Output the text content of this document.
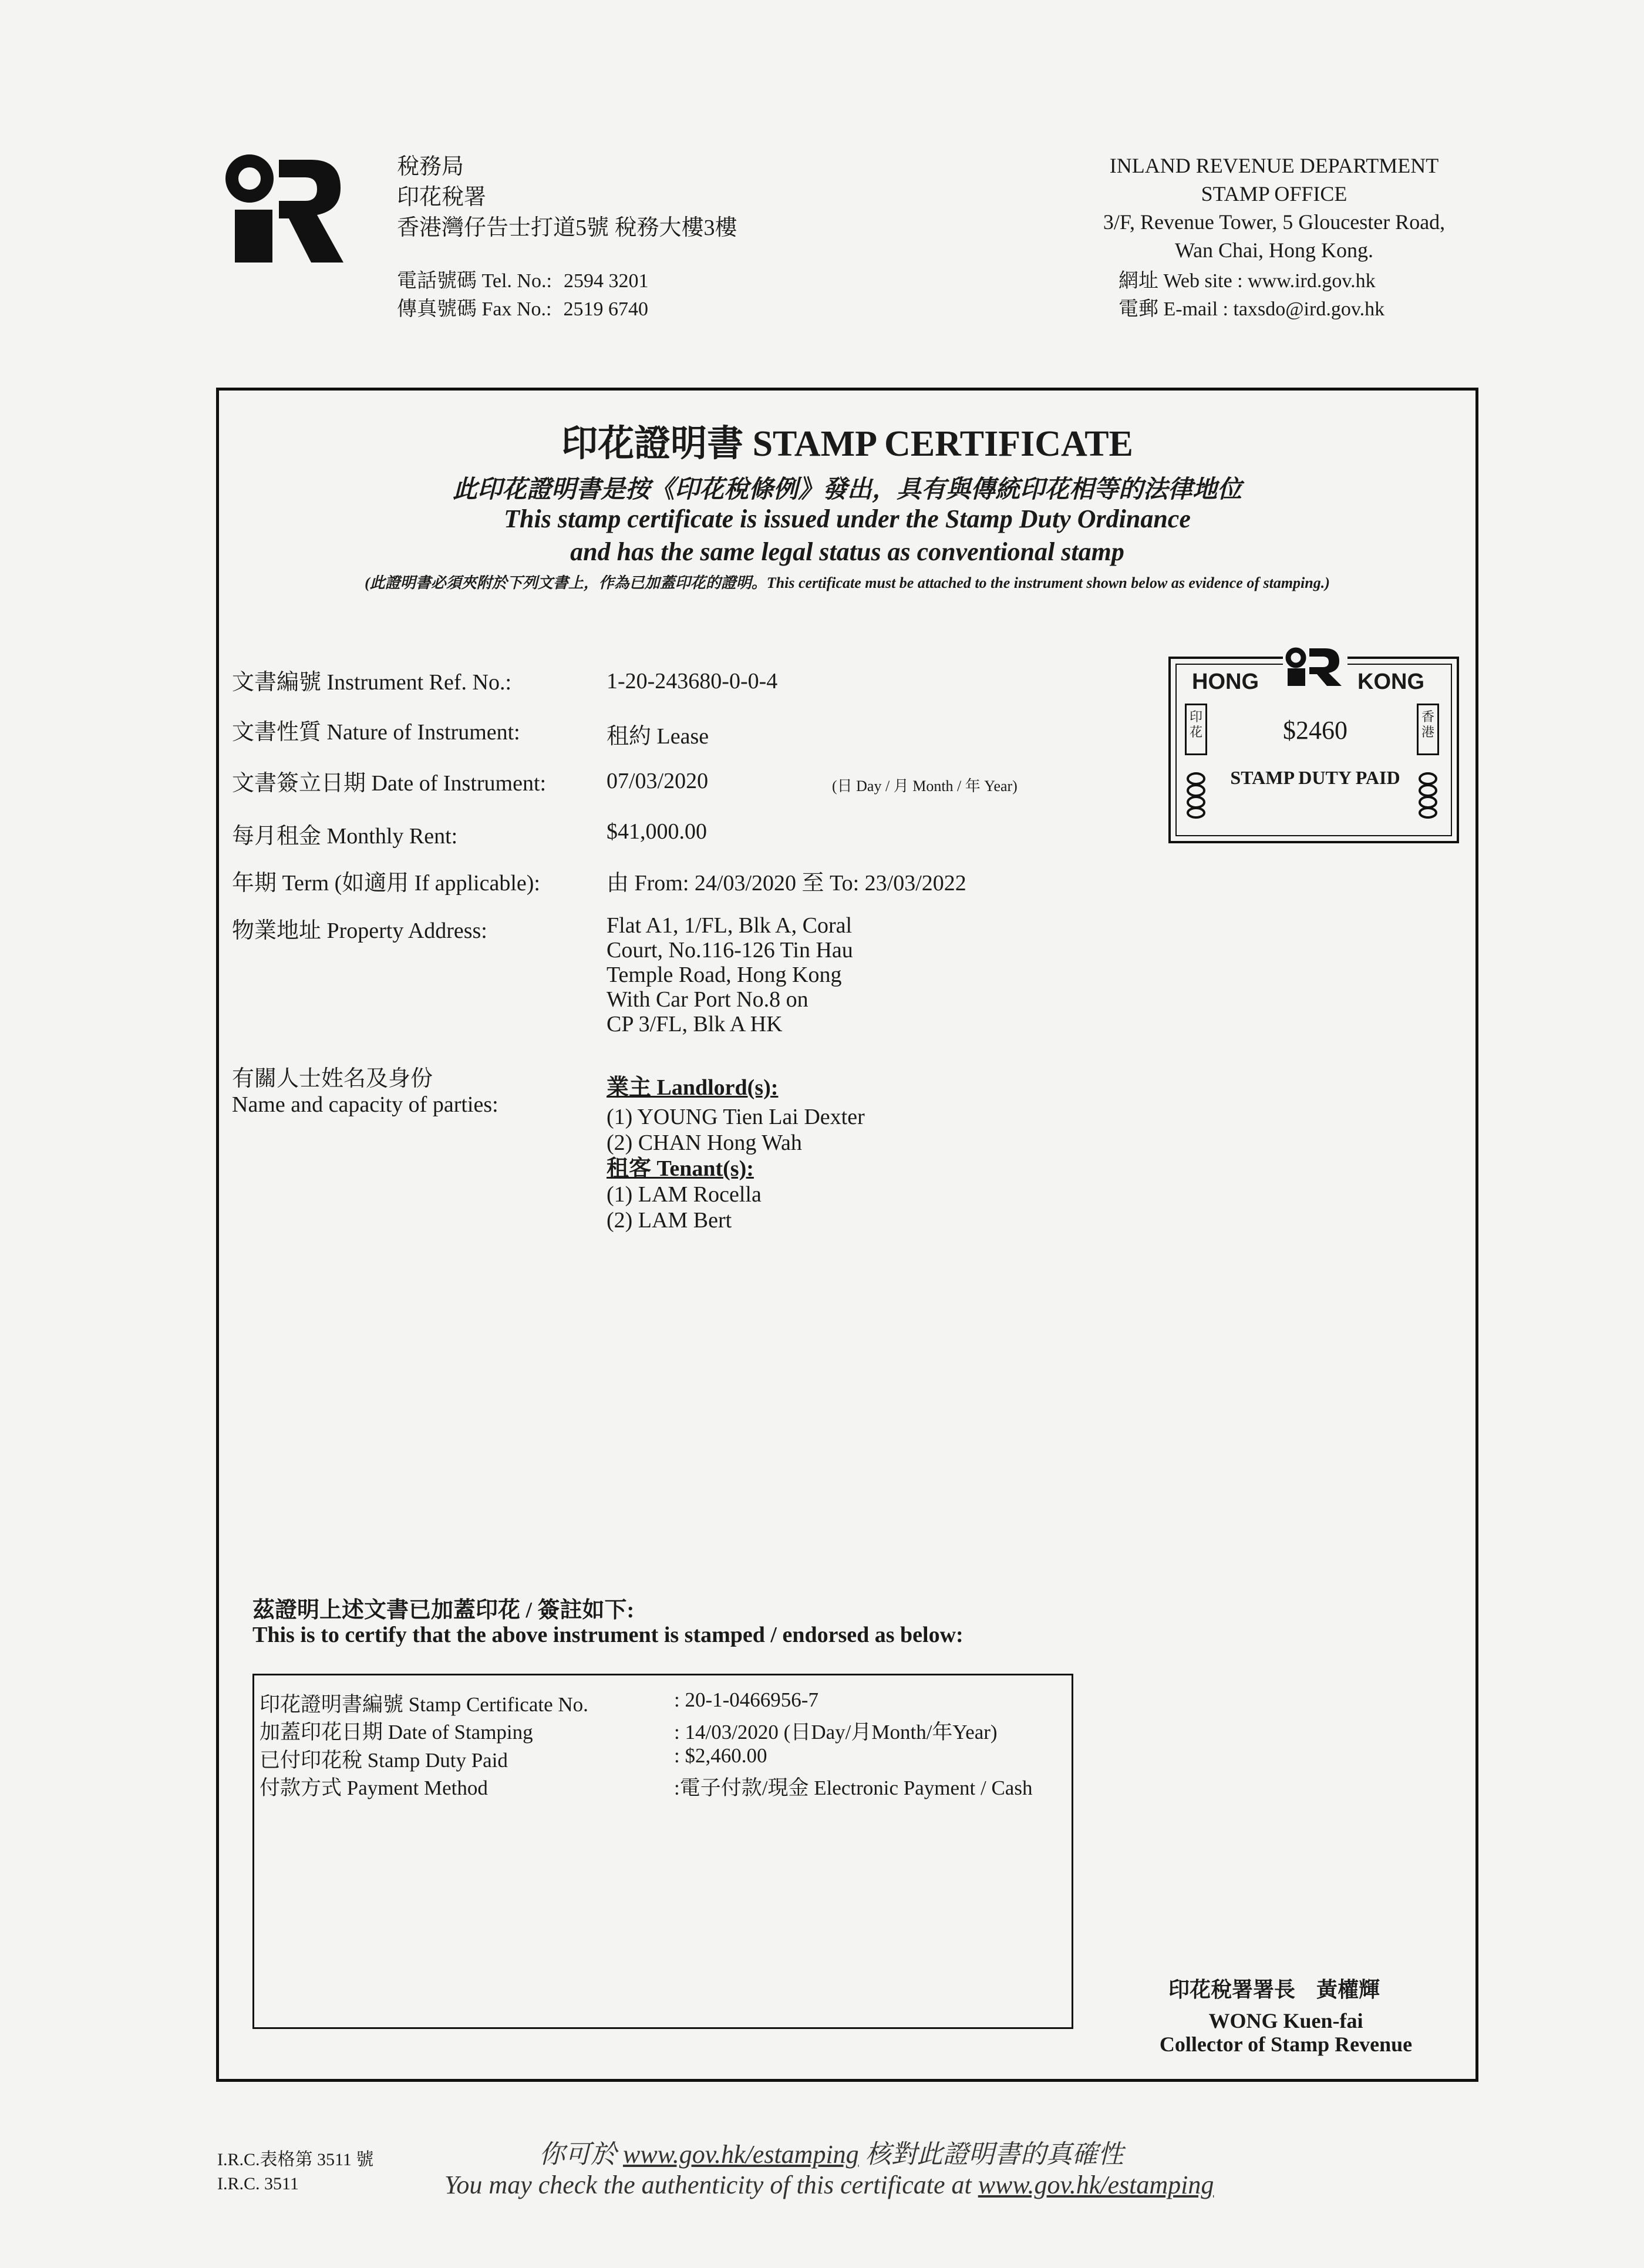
稅務局
印花稅署
香港灣仔告士打道5號 稅務大樓3樓
電話號碼 Tel. No.: 2594 3201
傳真號碼 Fax No.: 2519 6740
INLAND REVENUE DEPARTMENT
STAMP OFFICE
3/F, Revenue Tower, 5 Gloucester Road,
Wan Chai, Hong Kong.
網址 Web site : www.ird.gov.hk
電郵 E-mail : taxsdo@ird.gov.hk
印花證明書 STAMP CERTIFICATE
此印花證明書是按《印花稅條例》發出，具有與傳統印花相等的法律地位
This stamp certificate is issued under the Stamp Duty Ordinance
and has the same legal status as conventional stamp
(此證明書必須夾附於下列文書上，作為已加蓋印花的證明。This certificate must be attached to the instrument shown below as evidence of stamping.)
文書編號 Instrument Ref. No.:	1-20-243680-0-0-4
文書性質 Nature of Instrument:	租約 Lease
文書簽立日期 Date of Instrument:	07/03/2020	(日 Day / 月 Month / 年 Year)
每月租金 Monthly Rent:	$41,000.00
年期 Term (如適用 If applicable):	由 From: 24/03/2020 至 To: 23/03/2022
物業地址 Property Address:	Flat A1, 1/FL, Blk A, Coral
Court, No.116-126 Tin Hau
Temple Road, Hong Kong
With Car Port No.8 on
CP 3/FL, Blk A HK
有關人士姓名及身份
Name and capacity of parties:
業主 Landlord(s):
(1) YOUNG Tien Lai Dexter
(2) CHAN Hong Wah
租客 Tenant(s):
(1) LAM Rocella
(2) LAM Bert
HONG	KONG
$2460
STAMP DUTY PAID
印花
香港
茲證明上述文書已加蓋印花 / 簽註如下:
This is to certify that the above instrument is stamped / endorsed as below:
印花證明書編號 Stamp Certificate No.	: 20-1-0466956-7
加蓋印花日期 Date of Stamping	: 14/03/2020 (日Day/月Month/年Year)
已付印花稅 Stamp Duty Paid	: $2,460.00
付款方式 Payment Method	:電子付款/現金 Electronic Payment / Cash
印花稅署署長　黃權輝
WONG Kuen-fai
Collector of Stamp Revenue
I.R.C.表格第 3511 號
I.R.C. 3511
你可於 www.gov.hk/estamping 核對此證明書的真確性
You may check the authenticity of this certificate at www.gov.hk/estamping
